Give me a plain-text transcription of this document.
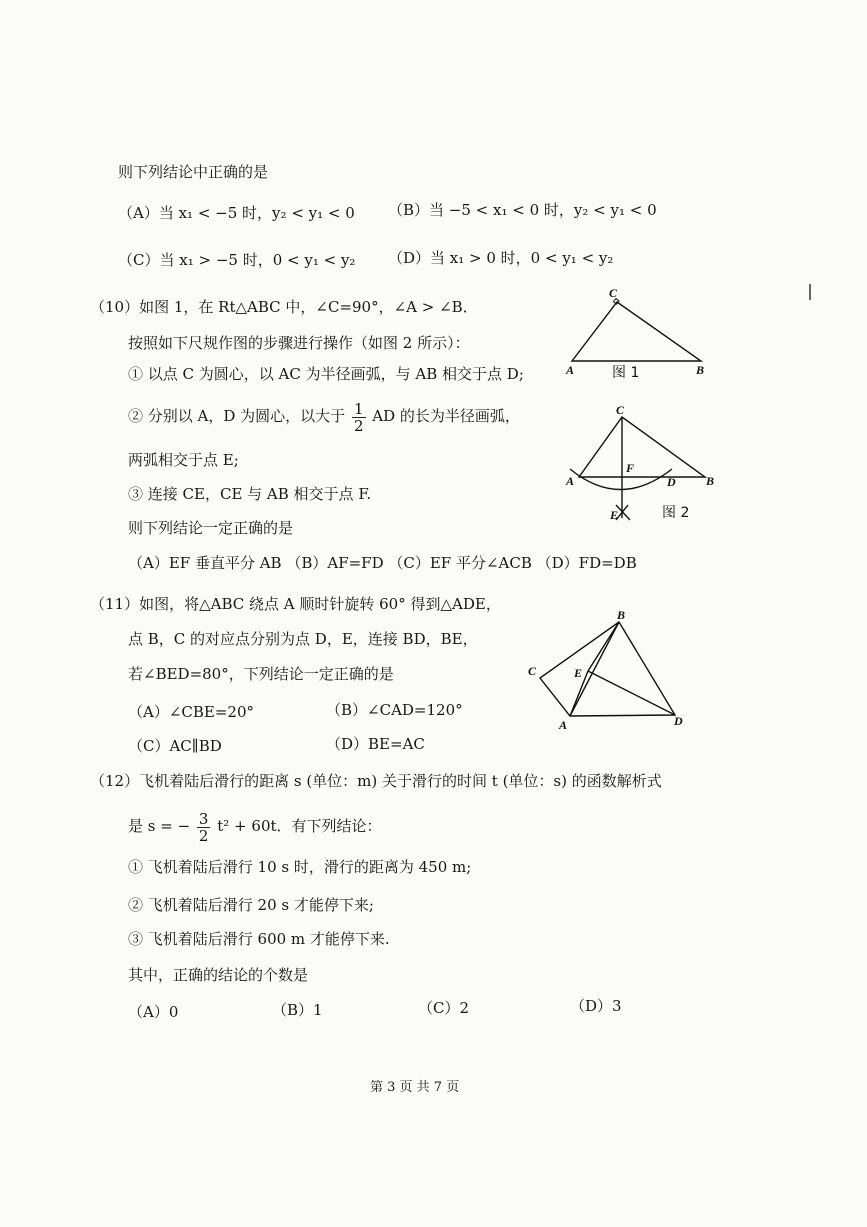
则下列结论中正确的是
（A）当 x₁ < −5 时，y₂ < y₁ < 0 （B）当 −5 < x₁ < 0 时，y₂ < y₁ < 0
（C）当 x₁ > −5 时，0 < y₁ < y₂ （D）当 x₁ > 0 时，0 < y₁ < y₂
（10）如图 1，在 Rt△ABC 中，∠C=90°，∠A > ∠B．
按照如下尺规作图的步骤进行操作（如图 2 所示）：
① 以点 C 为圆心，以 AC 为半径画弧，与 AB 相交于点 D;
② 分别以 A，D 为圆心，以大于 $\frac{1}{2}$ AD 的长为半径画弧，
两弧相交于点 E;
③ 连接 CE，CE 与 AB 相交于点 F.
则下列结论一定正确的是
（A）EF 垂直平分 AB （B）AF=FD （C）EF 平分∠ACB （D）FD=DB
（11）如图，将△ABC 绕点 A 顺时针旋转 60° 得到△ADE，
点 B，C 的对应点分别为点 D，E，连接 BD，BE，
若∠BED=80°，下列结论一定正确的是
（A）∠CBE=20°	（B）∠CAD=120°
（C）AC∥BD	（D）BE=AC
（12）飞机着陆后滑行的距离 s (单位：m) 关于滑行的时间 t (单位：s) 的函数解析式
是 s = − $\frac{3}{2} t^2 + 60t$．有下列结论：
① 飞机着陆后滑行 10 s 时，滑行的距离为 450 m;
② 飞机着陆后滑行 20 s 才能停下来;
③ 飞机着陆后滑行 600 m 才能停下来.
其中，正确的结论的个数是
（A）0	（B）1	（C）2	（D）3
第 3 页 共 7 页
C
A	B
图 1
C
A	B
D
E
F
图 2
B
C	E
A	D
